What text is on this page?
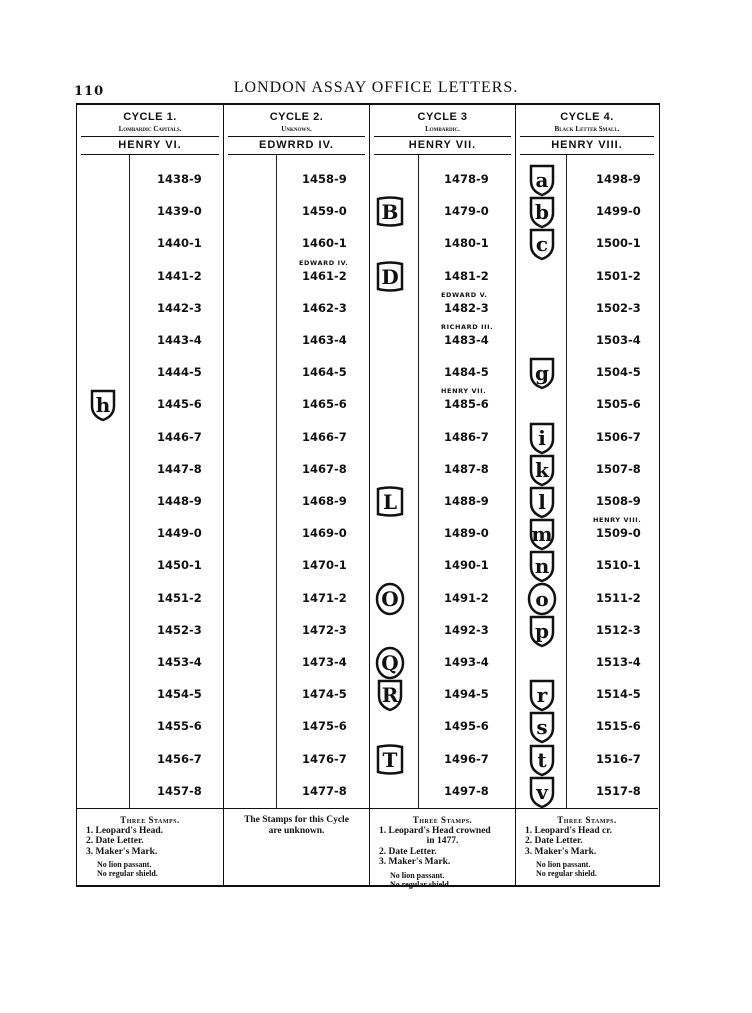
110	LONDON ASSAY OFFICE LETTERS.
CYCLE 1.
Lombardic Capitals.
HENRY VI.
1438-9
1439-0
1440-1
1441-2
1442-3
1443-4
1444-5
1445-6
1446-7
1447-8
1448-9
1449-0
1450-1
1451-2
1452-3
1453-4
1454-5
1455-6
1456-7
1457-8
h
Three Stamps.
1. Leopard's Head.
2. Date Letter.
3. Maker's Mark.
No lion passant.
No regular shield.
CYCLE 2.
Unknown.
EDWRRD IV.
1458-9
1459-0
1460-1
1461-2
1462-3
1463-4
1464-5
1465-6
1466-7
1467-8
1468-9
1469-0
1470-1
1471-2
1472-3
1473-4
1474-5
1475-6
1476-7
1477-8
EDWARD IV.
The Stamps for this Cycle
are unknown.
CYCLE 3
Lombardic.
HENRY VII.
1478-9
1479-0
1480-1
1481-2
1482-3
1483-4
1484-5
1485-6
1486-7
1487-8
1488-9
1489-0
1490-1
1491-2
1492-3
1493-4
1494-5
1495-6
1496-7
1497-8
EDWARD V.
RICHARD III.
HENRY VII.
B
D
L
O
Q
R
T
Three Stamps.
1. Leopard's Head crowned
in 1477.
2. Date Letter.
3. Maker's Mark.
No lion passant.
No regular shield.
CYCLE 4.
Black Letter Small.
HENRY VIII.
1498-9
1499-0
1500-1
1501-2
1502-3
1503-4
1504-5
1505-6
1506-7
1507-8
1508-9
1509-0
1510-1
1511-2
1512-3
1513-4
1514-5
1515-6
1516-7
1517-8
HENRY VIII.
a
b
c
g
i
k
l
m
n
o
p
r
s
t
v
Three Stamps.
1. Leopard's Head cr.
2. Date Letter.
3. Maker's Mark.
No lion passant.
No regular shield.
